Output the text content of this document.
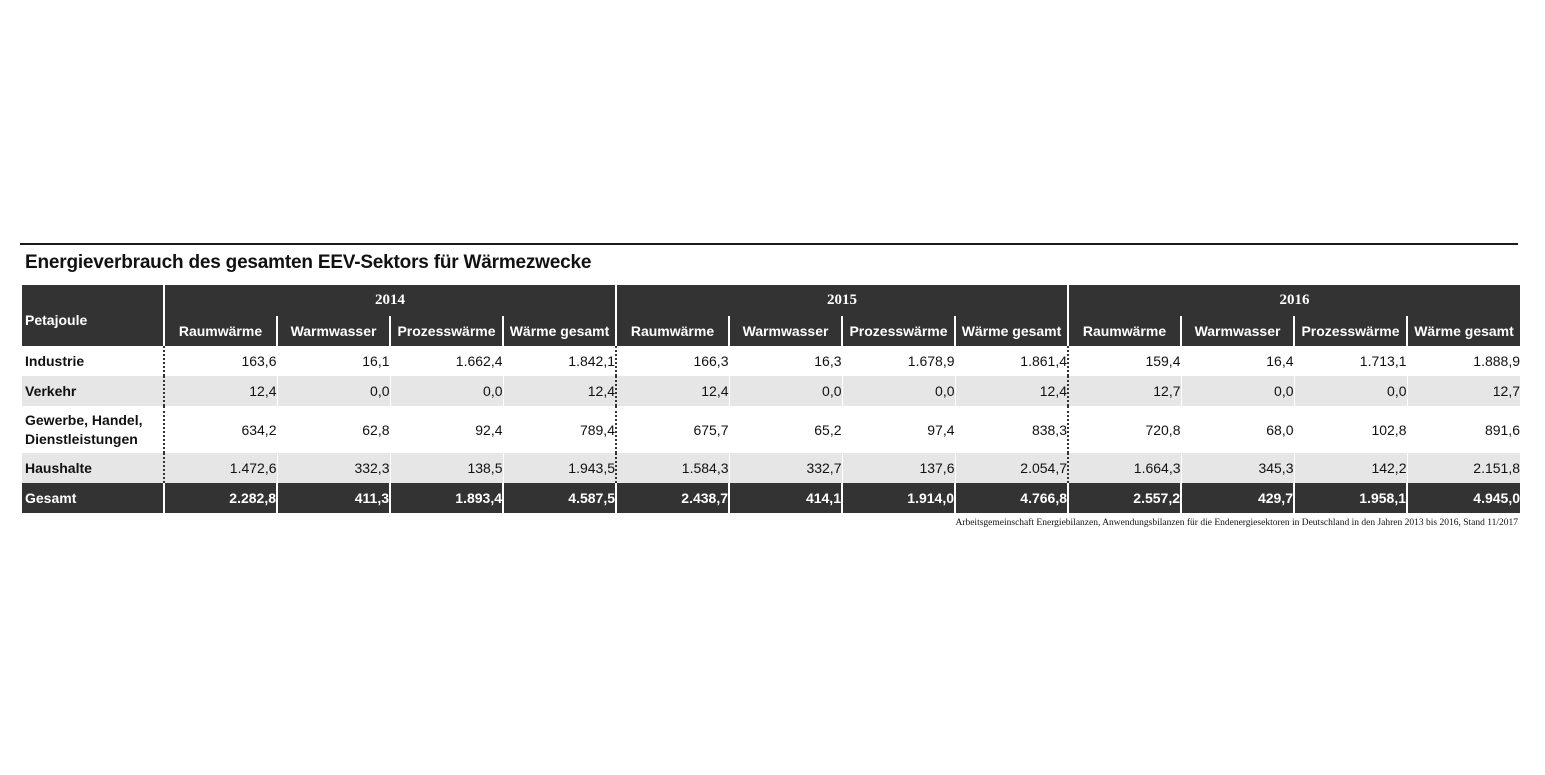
Energieverbrauch des gesamten EEV-Sektors für Wärmezwecke
Petajoule	2014				2015				2016			
	Raumwärme	Warmwasser	Prozesswärme	Wärme gesamt	Raumwärme	Warmwasser	Prozesswärme	Wärme gesamt	Raumwärme	Warmwasser	Prozesswärme	Wärme gesamt
Industrie	163,6	16,1	1.662,4	1.842,1	166,3	16,3	1.678,9	1.861,4	159,4	16,4	1.713,1	1.888,9
Verkehr	12,4	0,0	0,0	12,4	12,4	0,0	0,0	12,4	12,7	0,0	0,0	12,7
Gewerbe, Handel, Dienstleistungen	634,2	62,8	92,4	789,4	675,7	65,2	97,4	838,3	720,8	68,0	102,8	891,6
Haushalte	1.472,6	332,3	138,5	1.943,5	1.584,3	332,7	137,6	2.054,7	1.664,3	345,3	142,2	2.151,8
Gesamt	2.282,8	411,3	1.893,4	4.587,5	2.438,7	414,1	1.914,0	4.766,8	2.557,2	429,7	1.958,1	4.945,0
Arbeitsgemeinschaft Energiebilanzen, Anwendungsbilanzen für die Endenergiesektoren in Deutschland in den Jahren 2013 bis 2016, Stand 11/2017
